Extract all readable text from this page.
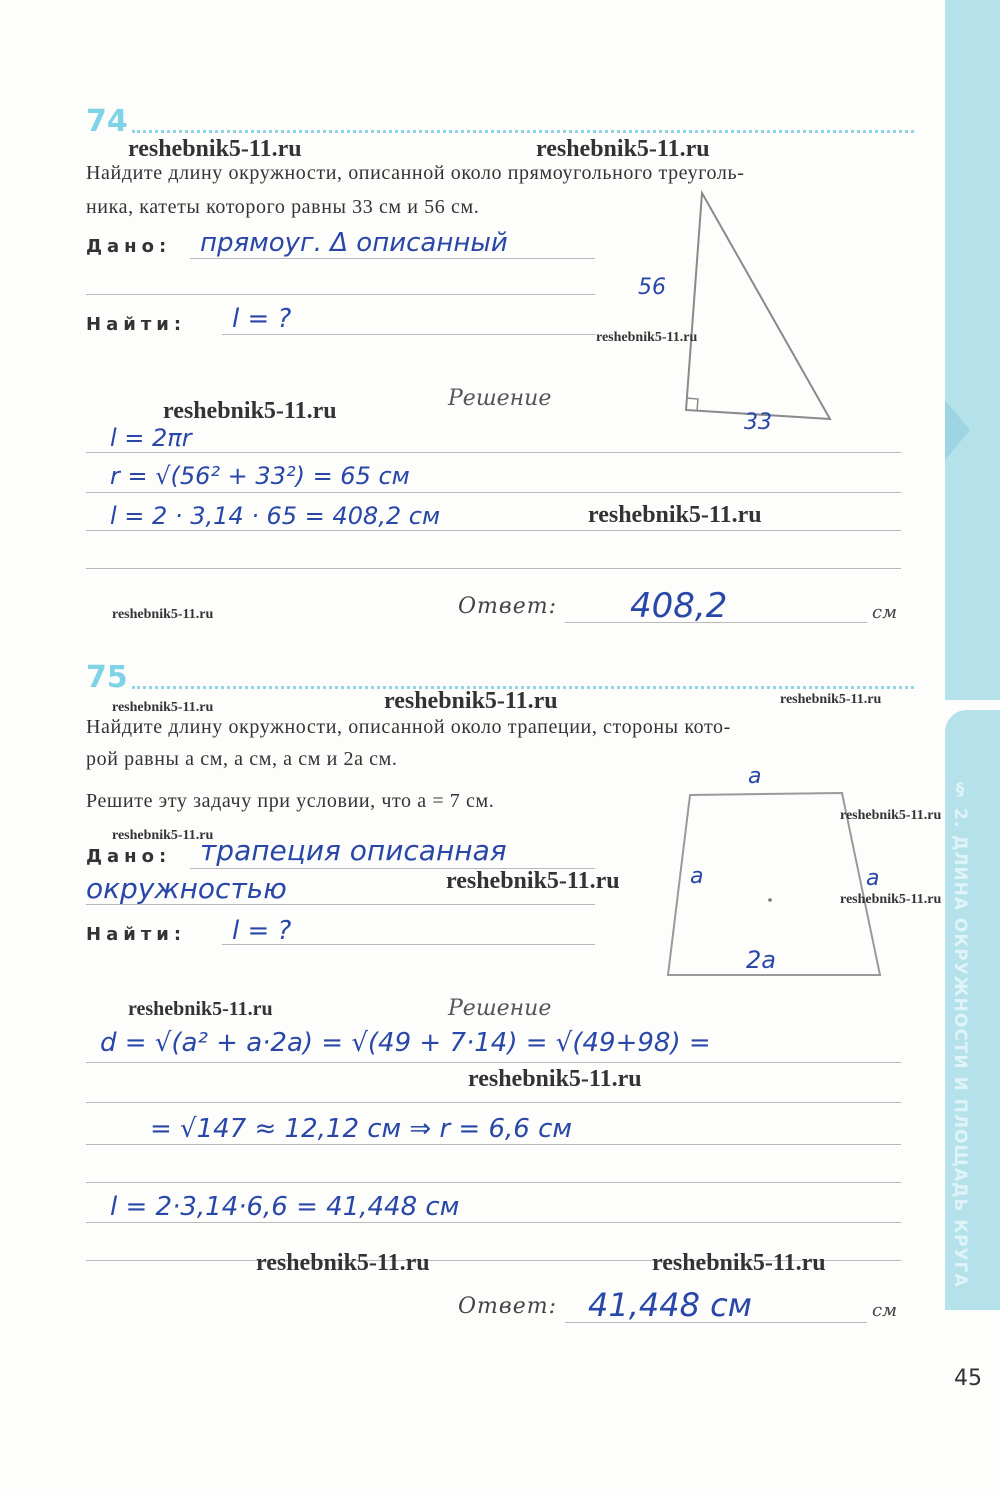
§ 2. ДЛИНА ОКРУЖНОСТИ И ПЛОЩАДЬ КРУГА
74
reshebnik5-11.ru	reshebnik5-11.ru
Найдите длину окружности, описанной около прямоугольного треуголь-
ника, катеты которого равны 33 см и 56 см.
Дано: прямоуг. Δ описанный
Найти: l = ?
56
33
reshebnik5-11.ru
Решение
reshebnik5-11.ru
l = 2πr
r = √(56² + 33²) = 65 см
l = 2 · 3,14 · 65 = 408,2 см	reshebnik5-11.ru
reshebnik5-11.ru	Ответ: 408,2	см
75
reshebnik5-11.ru	reshebnik5-11.ru	reshebnik5-11.ru
Найдите длину окружности, описанной около трапеции, стороны кото-
рой равны a см, a см, a см и 2a см.
Решите эту задачу при условии, что a = 7 см.
reshebnik5-11.ru
Дано: трапеция описанная
окружностью	reshebnik5-11.ru
Найти: l = ?
a
a	a
2a
reshebnik5-11.ru
reshebnik5-11.ru
reshebnik5-11.ru	Решение
d = √(a² + a·2a) = √(49 + 7·14) = √(49+98) =
reshebnik5-11.ru
= √147 ≈ 12,12 см ⇒ r = 6,6 см
l = 2·3,14·6,6 = 41,448 см
reshebnik5-11.ru	reshebnik5-11.ru
Ответ: 41,448 см	см
45
